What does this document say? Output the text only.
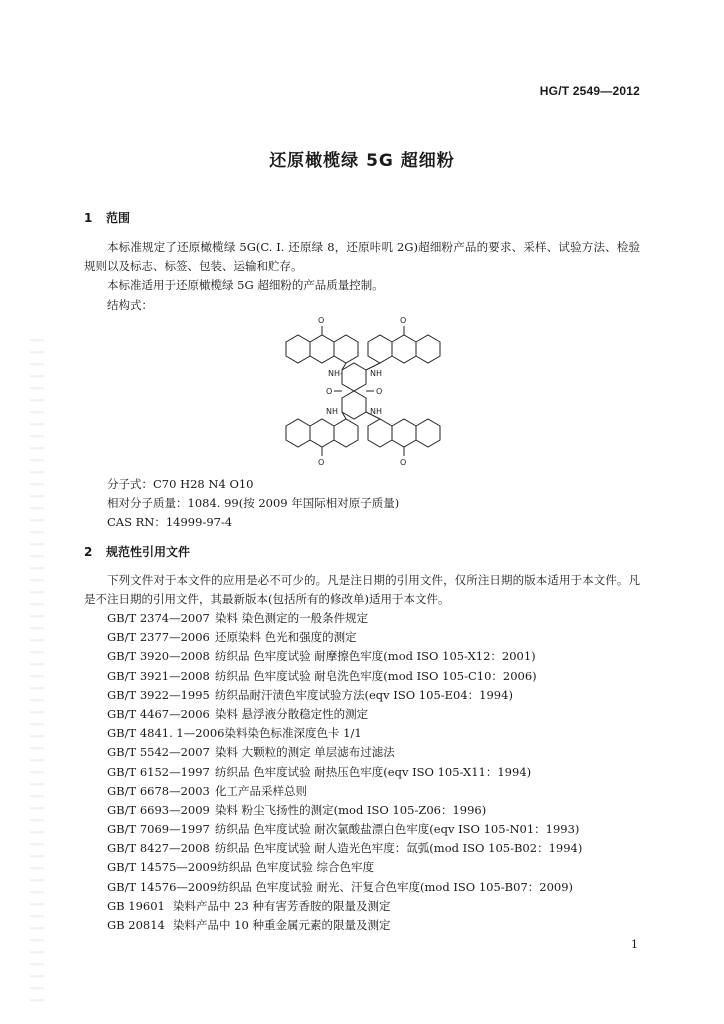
HG/T 2549—2012
还原橄榄绿 5G 超细粉
1 范围
本标准规定了还原橄榄绿 5G(C. I. 还原绿 8，还原咔叽 2G)超细粉产品的要求、采样、试验方法、检验规则以及标志、标签、包装、运输和贮存。
本标准适用于还原橄榄绿 5G 超细粉的产品质量控制。
结构式：
O	O
O	O
O	O
NH-	NH
NH	NH
分子式：C70 H28 N4 O10
相对分子质量：1084. 99(按 2009 年国际相对原子质量)
CAS RN：14999-97-4
2 规范性引用文件
下列文件对于本文件的应用是必不可少的。凡是注日期的引用文件，仅所注日期的版本适用于本文件。凡是不注日期的引用文件，其最新版本(包括所有的修改单)适用于本文件。
GB/T 2374—2007 染料 染色测定的一般条件规定
GB/T 2377—2006 还原染料 色光和强度的测定
GB/T 3920—2008 纺织品 色牢度试验 耐摩擦色牢度(mod ISO 105-X12：2001)
GB/T 3921—2008 纺织品 色牢度试验 耐皂洗色牢度(mod ISO 105-C10：2006)
GB/T 3922—1995 纺织品耐汗渍色牢度试验方法(eqv ISO 105-E04：1994)
GB/T 4467—2006 染料 悬浮液分散稳定性的测定
GB/T 4841. 1—2006染料染色标准深度色卡 1/1
GB/T 5542—2007 染料 大颗粒的测定 单层滤布过滤法
GB/T 6152—1997 纺织品 色牢度试验 耐热压色牢度(eqv ISO 105-X11：1994)
GB/T 6678—2003 化工产品采样总则
GB/T 6693—2009 染料 粉尘飞扬性的测定(mod ISO 105-Z06：1996)
GB/T 7069—1997 纺织品 色牢度试验 耐次氯酸盐漂白色牢度(eqv ISO 105-N01：1993)
GB/T 8427—2008 纺织品 色牢度试验 耐人造光色牢度：氙弧(mod ISO 105-B02：1994)
GB/T 14575—2009纺织品 色牢度试验 综合色牢度
GB/T 14576—2009纺织品 色牢度试验 耐光、汗复合色牢度(mod ISO 105-B07：2009)
GB 19601 染料产品中 23 种有害芳香胺的限量及测定
GB 20814 染料产品中 10 种重金属元素的限量及测定
1
